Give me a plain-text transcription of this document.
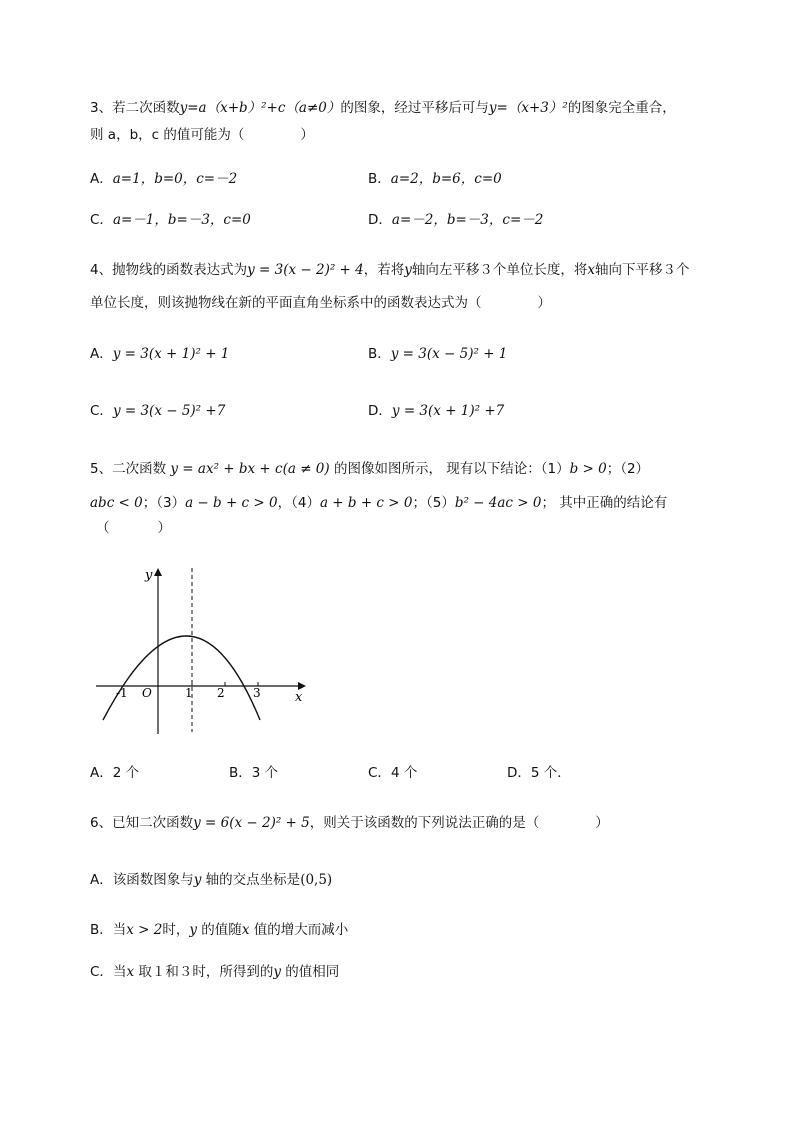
3、若二次函数y=a（x+b）²+c（a≠0）的图象，经过平移后可与y=（x+3）²的图象完全重合，
则 a，b，c 的值可能为（	）
A．a=1，b=0，c=－2	B．a=2，b=6，c=0
C．a=－1，b=－3，c=0	D．a=－2，b=－3，c=－2
4、抛物线的函数表达式为y = 3(x − 2)² + 4，若将y轴向左平移３个单位长度，将x轴向下平移３个
单位长度，则该抛物线在新的平面直角坐标系中的函数表达式为（	）
A．y = 3(x + 1)² + 1	B．y = 3(x − 5)² + 1
C．y = 3(x − 5)² +7	D．y = 3(x + 1)² +7
5、二次函数 y = ax² + bx + c(a ≠ 0) 的图像如图所示， 现有以下结论：（1）b > 0；（2）
abc < 0；（3）a − b + c > 0，（4）a + b + c > 0；（5）b² − 4ac > 0； 其中正确的结论有
（	）
y
x
O
-1	1 2 3
A．2 个	B．3 个	C．4 个	D．5 个．
6、已知二次函数y = 6(x − 2)² + 5，则关于该函数的下列说法正确的是（	）
A．该函数图象与y 轴的交点坐标是(0,5)
B．当x > 2时，y 的值随x 值的增大而减小
C．当x 取１和３时，所得到的y 的值相同
